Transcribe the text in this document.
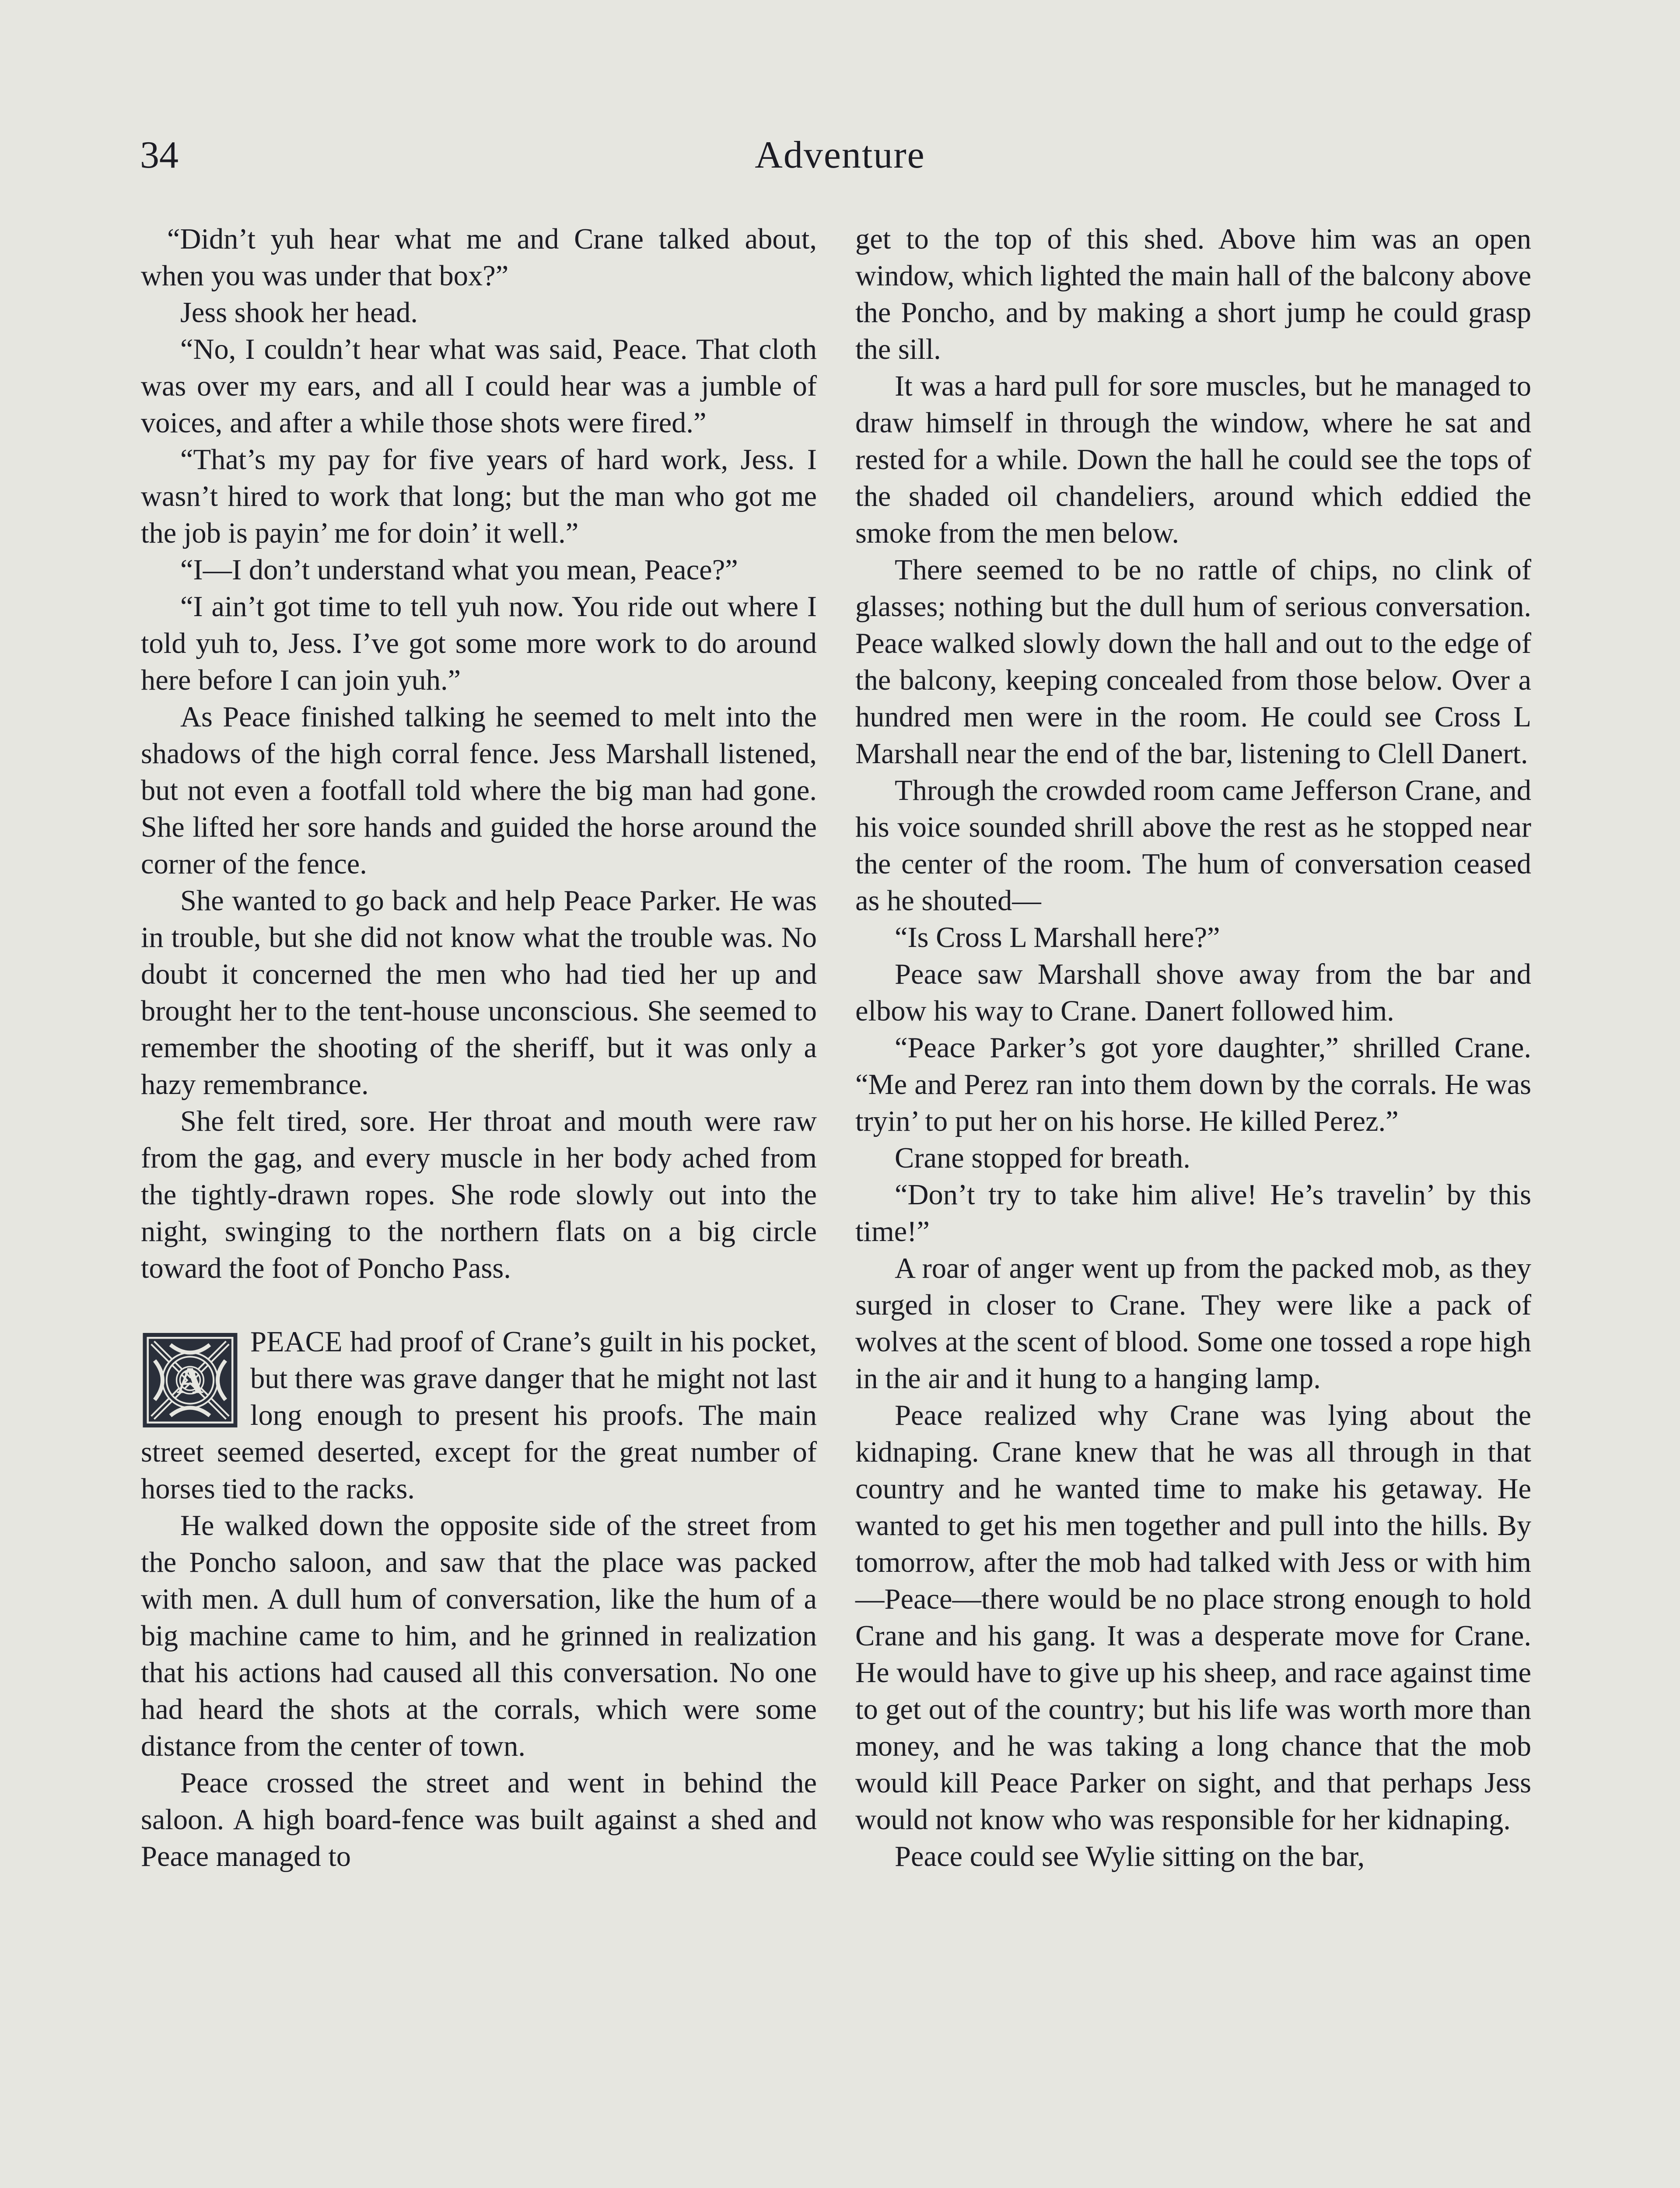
34	Adventure

“Didn’t yuh hear what me and Crane talked about, when you was under that box?”

Jess shook her head.

“No, I couldn’t hear what was said, Peace. That cloth was over my ears, and all I could hear was a jumble of voices, and after a while those shots were fired.”

“That’s my pay for five years of hard work, Jess. I wasn’t hired to work that long; but the man who got me the job is payin’ me for doin’ it well.”

“I—I don’t understand what you mean, Peace?”

“I ain’t got time to tell yuh now. You ride out where I told yuh to, Jess. I’ve got some more work to do around here before I can join yuh.”

As Peace finished talking he seemed to melt into the shadows of the high corral fence. Jess Marshall listened, but not even a footfall told where the big man had gone. She lifted her sore hands and guided the horse around the corner of the fence.

She wanted to go back and help Peace Parker. He was in trouble, but she did not know what the trouble was. No doubt it concerned the men who had tied her up and brought her to the tent-house unconscious. She seemed to remember the shooting of the sheriff, but it was only a hazy remembrance.

She felt tired, sore. Her throat and mouth were raw from the gag, and every muscle in her body ached from the tightly-drawn ropes. She rode slowly out into the night, swinging to the northern flats on a big circle toward the foot of Poncho Pass.

A
PEACE had proof of Crane’s guilt in his pocket, but there was grave danger that he might not last long enough to present his proofs. The main street seemed deserted, except for the great number of horses tied to the racks.

He walked down the opposite side of the street from the Poncho saloon, and saw that the place was packed with men. A dull hum of conversation, like the hum of a big machine came to him, and he grinned in realization that his actions had caused all this conversation. No one had heard the shots at the corrals, which were some distance from the center of town.

Peace crossed the street and went in behind the saloon. A high board-fence was built against a shed and Peace managed to

get to the top of this shed. Above him was an open window, which lighted the main hall of the balcony above the Poncho, and by making a short jump he could grasp the sill.

It was a hard pull for sore muscles, but he managed to draw himself in through the window, where he sat and rested for a while. Down the hall he could see the tops of the shaded oil chandeliers, around which eddied the smoke from the men below.

There seemed to be no rattle of chips, no clink of glasses; nothing but the dull hum of serious conversation. Peace walked slowly down the hall and out to the edge of the balcony, keeping concealed from those below. Over a hundred men were in the room. He could see Cross L Marshall near the end of the bar, listening to Clell Danert.

Through the crowded room came Jefferson Crane, and his voice sounded shrill above the rest as he stopped near the center of the room. The hum of conversation ceased as he shouted—

“Is Cross L Marshall here?”

Peace saw Marshall shove away from the bar and elbow his way to Crane. Danert followed him.

“Peace Parker’s got yore daughter,” shrilled Crane. “Me and Perez ran into them down by the corrals. He was tryin’ to put her on his horse. He killed Perez.”

Crane stopped for breath.

“Don’t try to take him alive! He’s travelin’ by this time!”

A roar of anger went up from the packed mob, as they surged in closer to Crane. They were like a pack of wolves at the scent of blood. Some one tossed a rope high in the air and it hung to a hanging lamp.

Peace realized why Crane was lying about the kidnaping. Crane knew that he was all through in that country and he wanted time to make his getaway. He wanted to get his men together and pull into the hills. By tomorrow, after the mob had talked with Jess or with him—Peace—there would be no place strong enough to hold Crane and his gang. It was a desperate move for Crane. He would have to give up his sheep, and race against time to get out of the country; but his life was worth more than money, and he was taking a long chance that the mob would kill Peace Parker on sight, and that perhaps Jess would not know who was responsible for her kidnaping.

Peace could see Wylie sitting on the bar,
